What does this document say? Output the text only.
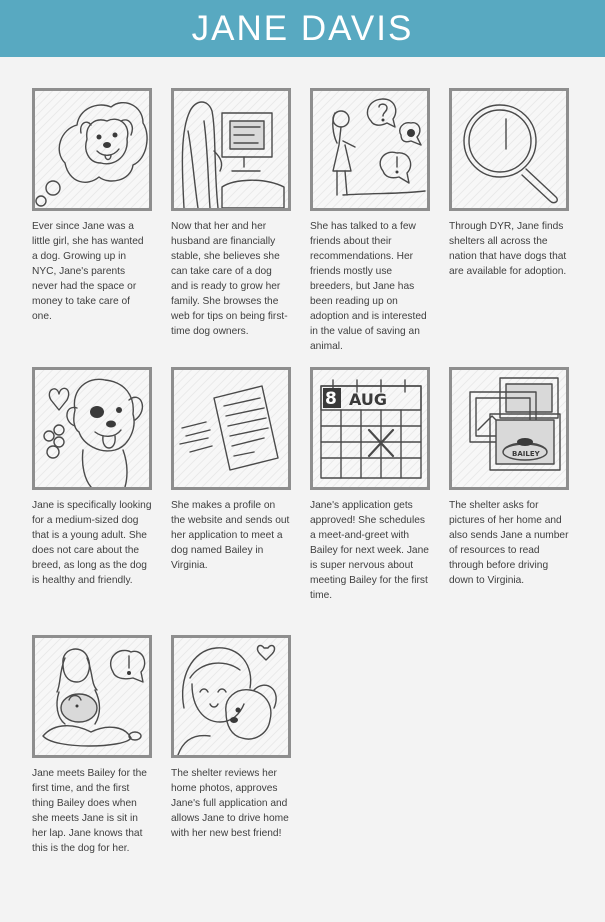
JANE DAVIS
Ever since Jane was a little girl, she has wanted a dog. Growing up in NYC, Jane's parents never had the space or money to take care of one.
Now that her and her husband are financially stable, she believes she can take care of a dog and is ready to grow her family. She browses the web for tips on being first-time dog owners.
She has talked to a few friends about their recommendations. Her friends mostly use breeders, but Jane has been reading up on adoption and is interested in the value of saving an animal.
Through DYR, Jane finds shelters all across the nation that have dogs that are available for adoption.
Jane is specifically looking for a medium-sized dog that is a young adult. She does not care about the breed, as long as the dog is healthy and friendly.
She makes a profile on the website and sends out her application to meet a dog named Bailey in Virginia.
8 AUG
Jane's application gets approved! She schedules a meet-and-greet with Bailey for next week. Jane is super nervous about meeting Bailey for the first time.
BAILEY
The shelter asks for pictures of her home and also sends Jane a number of resources to read through before driving down to Virginia.
Jane meets Bailey for the first time, and the first thing Bailey does when she meets Jane is sit in her lap. Jane knows that this is the dog for her.
The shelter reviews her home photos, approves Jane's full application and allows Jane to drive home with her new best friend!
